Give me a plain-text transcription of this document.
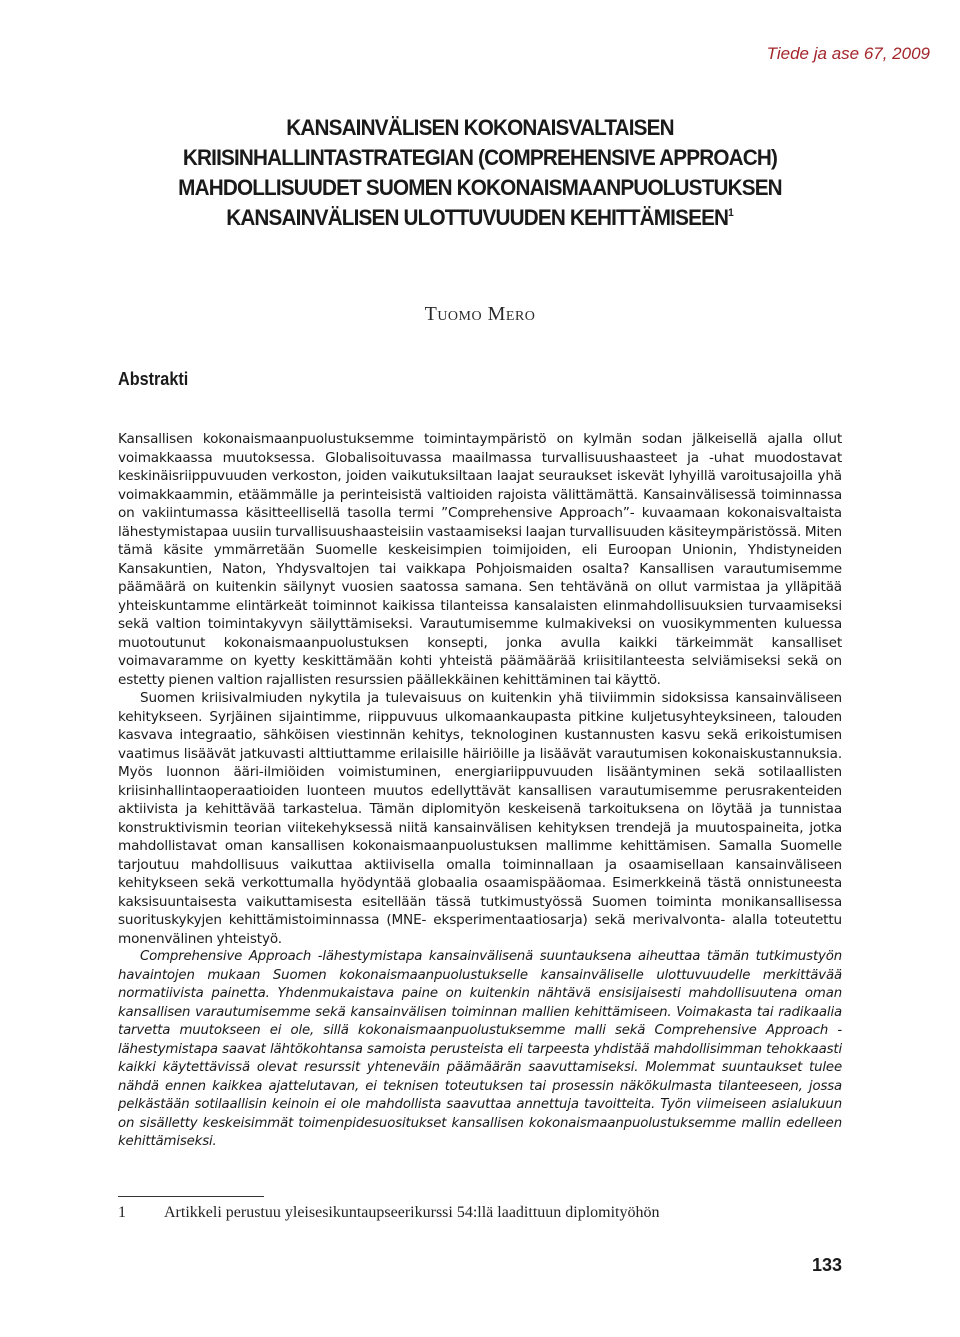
Tiede ja ase 67, 2009

KANSAINVÄLISEN KOKONAISVALTAISEN KRIISINHALLINTASTRATEGIAN (COMPREHENSIVE APPROACH) MAHDOLLISUUDET SUOMEN KOKONAISMAANPUOLUSTUKSEN KANSAINVÄLISEN ULOTTUVUUDEN KEHITTÄMISEEN$^1$
Tuomo Mero
Abstrakti

Kansallisen kokonaismaanpuolustuksemme toimintaympäristö on kylmän sodan jälkeisellä ajalla ollut voimakkaassa muutoksessa. Globalisoituvassa maailmassa turvallisuushaasteet ja -uhat muodostavat keskinäisriippuvuuden verkoston, joiden vaikutuksiltaan laajat seuraukset iskevät lyhyillä varoitusajoilla yhä voimakkaammin, etäämmälle ja perinteisistä valtioiden rajoista välittämättä. Kansainvälisessä toiminnassa on vakiintumassa käsitteellisellä tasolla termi ”Comprehensive Approach”- kuvaamaan kokonaisvaltaista lähestymistapaa uusiin turvallisuushaasteisiin vastaamiseksi laajan turvallisuuden käsiteympäristössä. Miten tämä käsite ymmärretään Suomelle keskeisimpien toimijoiden, eli Euroopan Unionin, Yhdistyneiden Kansakuntien, Naton, Yhdysvaltojen tai vaikkapa Pohjoismaiden osalta? Kansallisen varautumisemme päämäärä on kuitenkin säilynyt vuosien saatossa samana. Sen tehtävänä on ollut varmistaa ja ylläpitää yhteiskuntamme elintärkeät toiminnot kaikissa tilanteissa kansalaisten elinmahdollisuuksien turvaamiseksi sekä valtion toimintakyvyn säilyttämiseksi. Varautumisemme kulmakiveksi on vuosikymmenten kuluessa muotoutunut kokonaismaanpuolustuksen konsepti, jonka avulla kaikki tärkeimmät kansalliset voimavaramme on kyetty keskittämään kohti yhteistä päämäärää kriisitilanteesta selviämiseksi sekä on estetty pienen valtion rajallisten resurssien päällekkäinen kehittäminen tai käyttö.

Suomen kriisivalmiuden nykytila ja tulevaisuus on kuitenkin yhä tiiviimmin sidoksissa kansainväliseen kehitykseen. Syrjäinen sijaintimme, riippuvuus ulkomaankaupasta pitkine kuljetusyhteyksineen, talouden kasvava integraatio, sähköisen viestinnän kehitys, teknologinen kustannusten kasvu sekä erikoistumisen vaatimus lisäävät jatkuvasti alttiuttamme erilaisille häiriöille ja lisäävät varautumisen kokonaiskustannuksia. Myös luonnon ääri-ilmiöiden voimistuminen, energiariippuvuuden lisääntyminen sekä sotilaallisten kriisinhallintaoperaatioiden luonteen muutos edellyttävät kansallisen varautumisemme perusrakenteiden aktiivista ja kehittävää tarkastelua. Tämän diplomityön keskeisenä tarkoituksena on löytää ja tunnistaa konstruktivismin teorian viitekehyksessä niitä kansainvälisen kehityksen trendejä ja muutospaineita, jotka mahdollistavat oman kansallisen kokonaismaanpuolustuksen mallimme kehittämisen. Samalla Suomelle tarjoutuu mahdollisuus vaikuttaa aktiivisella omalla toiminnallaan ja osaamisellaan kansainväliseen kehitykseen sekä verkottumalla hyödyntää globaalia osaamispääomaa. Esimerkkeinä tästä onnistuneesta kaksisuuntaisesta vaikuttamisesta esitellään tässä tutkimustyössä Suomen toiminta monikansallisessa suorituskykyjen kehittämistoiminnassa (MNE- eksperimentaatiosarja) sekä merivalvonta- alalla toteutettu monenvälinen yhteistyö.

Comprehensive Approach -lähestymistapa kansainvälisenä suuntauksena aiheuttaa tämän tutkimustyön havaintojen mukaan Suomen kokonaismaanpuolustukselle kansainväliselle ulottuvuudelle merkittävää normatiivista painetta. Yhdenmukaistava paine on kuitenkin nähtävä ensisijaisesti mahdollisuutena oman kansallisen varautumisemme sekä kansainvälisen toiminnan mallien kehittämiseen. Voimakasta tai radikaalia tarvetta muutokseen ei ole, sillä kokonaismaanpuolustuksemme malli sekä Comprehensive Approach -lähestymistapa saavat lähtökohtansa samoista perusteista eli tarpeesta yhdistää mahdollisimman tehokkaasti kaikki käytettävissä olevat resurssit yhteneväin päämäärän saavuttamiseksi. Molemmat suuntaukset tulee nähdä ennen kaikkea ajattelutavan, ei teknisen toteutuksen tai prosessin näkökulmasta tilanteeseen, jossa pelkästään sotilaallisin keinoin ei ole mahdollista saavuttaa annettuja tavoitteita. Työn viimeiseen asialukuun on sisälletty keskeisimmät toimenpidesuositukset kansallisen kokonaismaanpuolustuksemme mallin edelleen kehittämiseksi.

1 Artikkeli perustuu yleisesikuntaupseerikurssi 54:llä laadittuun diplomityöhön
133
